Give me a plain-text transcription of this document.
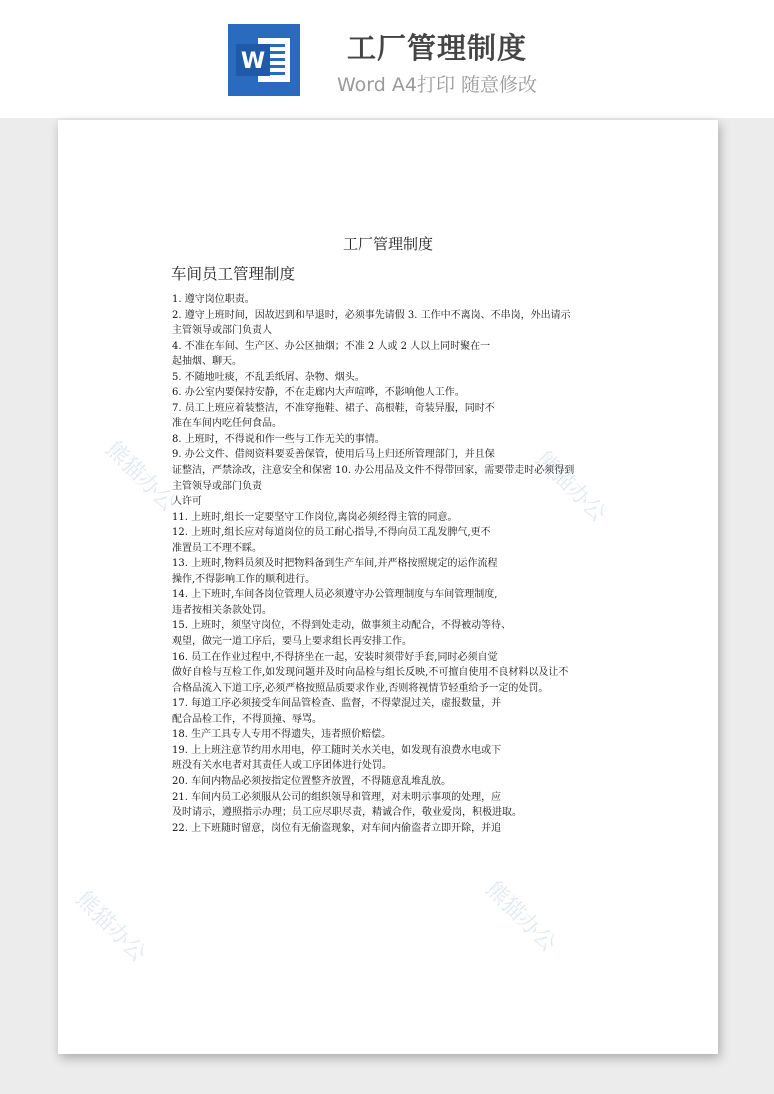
W	工厂管理制度
Word A4打印 随意修改
熊猫办公	熊猫办公
熊猫办公	熊猫办公
工厂管理制度
车间员工管理制度
1. 遵守岗位职责。
2. 遵守上班时间，因故迟到和早退时，必须事先请假 3. 工作中不离岗、不串岗，外出请示
主管领导或部门负责人
4. 不准在车间、生产区、办公区抽烟；不准 2 人或 2 人以上同时聚在一
起抽烟、聊天。
5. 不随地吐痰，不乱丢纸屑、杂物、烟头。
6. 办公室内要保持安静，不在走廊内大声喧哗，不影响他人工作。
7. 员工上班应着装整洁，不准穿拖鞋、裙子、高根鞋，奇装异服，同时不
准在车间内吃任何食品。
8. 上班时，不得说和作一些与工作无关的事情。
9. 办公文件、借阅资料要妥善保管，使用后马上归还所管理部门，并且保
证整洁，严禁涂改，注意安全和保密 10. 办公用品及文件不得带回家，需要带走时必须得到
主管领导或部门负责
人许可
11. 上班时,组长一定要坚守工作岗位,离岗必须经得主管的同意。
12. 上班时,组长应对每道岗位的员工耐心指导,不得向员工乱发脾气,更不
准置员工不理不睬。
13. 上班时,物料员须及时把物料备到生产车间,并严格按照规定的运作流程
操作,不得影响工作的顺利进行。
14. 上下班时,车间各岗位管理人员必须遵守办公管理制度与车间管理制度,
违者按相关条款处罚。
15. 上班时，须坚守岗位，不得到处走动，做事须主动配合，不得被动等待、
观望，做完一道工序后，要马上要求组长再安排工作。
16. 员工在作业过程中,不得挤坐在一起，安装时须带好手套,同时必须自觉
做好自检与互检工作,如发现问题并及时向品检与组长反映,不可擅自使用不良材料以及让不
合格品流入下道工序,必须严格按照品质要求作业,否则将视情节轻重给予一定的处罚。
17. 每道工序必须接受车间品管检查、监督，不得蒙混过关，虚报数量，并
配合品检工作，不得顶撞、辱骂。
18. 生产工具专人专用不得遗失，违者照价赔偿。
19. 上上班注意节约用水用电，停工随时关水关电，如发现有浪费水电或下
班没有关水电者对其责任人或工序团体进行处罚。
20. 车间内物品必须按指定位置整齐放置，不得随意乱堆乱放。
21. 车间内员工必须服从公司的组织领导和管理，对未明示事项的处理，应
及时请示，遵照指示办理；员工应尽职尽责，精诚合作，敬业爱岗，积极进取。
22. 上下班随时留意，岗位有无偷盗现象，对车间内偷盗者立即开除，并追
